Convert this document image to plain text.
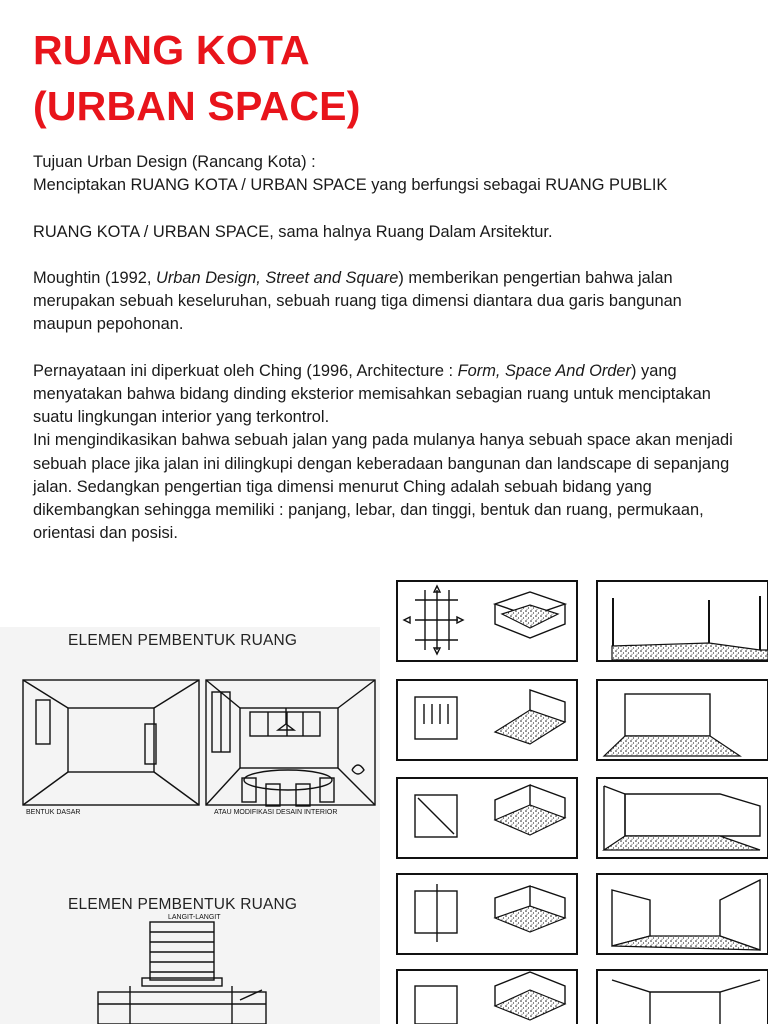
RUANG KOTA
(URBAN SPACE)

Tujuan Urban Design (Rancang Kota) :

Menciptakan RUANG KOTA / URBAN SPACE yang berfungsi sebagai RUANG PUBLIK

RUANG KOTA / URBAN SPACE, sama halnya Ruang Dalam Arsitektur.

Moughtin (1992, Urban Design, Street and Square) memberikan pengertian bahwa jalan merupakan sebuah keseluruhan, sebuah ruang tiga dimensi diantara dua garis bangunan maupun pepohonan.

Pernayataan ini diperkuat oleh Ching (1996, Architecture : Form, Space And Order) yang menyatakan bahwa bidang dinding eksterior memisahkan sebagian ruang untuk menciptakan suatu lingkungan interior yang terkontrol.

Ini mengindikasikan bahwa sebuah jalan yang pada mulanya hanya sebuah space akan menjadi sebuah place jika jalan ini dilingkupi dengan keberadaan bangunan dan landscape di sepanjang jalan. Sedangkan pengertian tiga dimensi menurut Ching adalah sebuah bidang yang dikembangkan sehingga memiliki : panjang, lebar, dan tinggi, bentuk dan ruang, permukaan, orientasi dan posisi.

ELEMEN PEMBENTUK RUANG
ELEMEN PEMBENTUK RUANG
BENTUK DASAR	ATAU MODIFIKASI DESAIN INTERIOR
LANGIT-LANGIT
